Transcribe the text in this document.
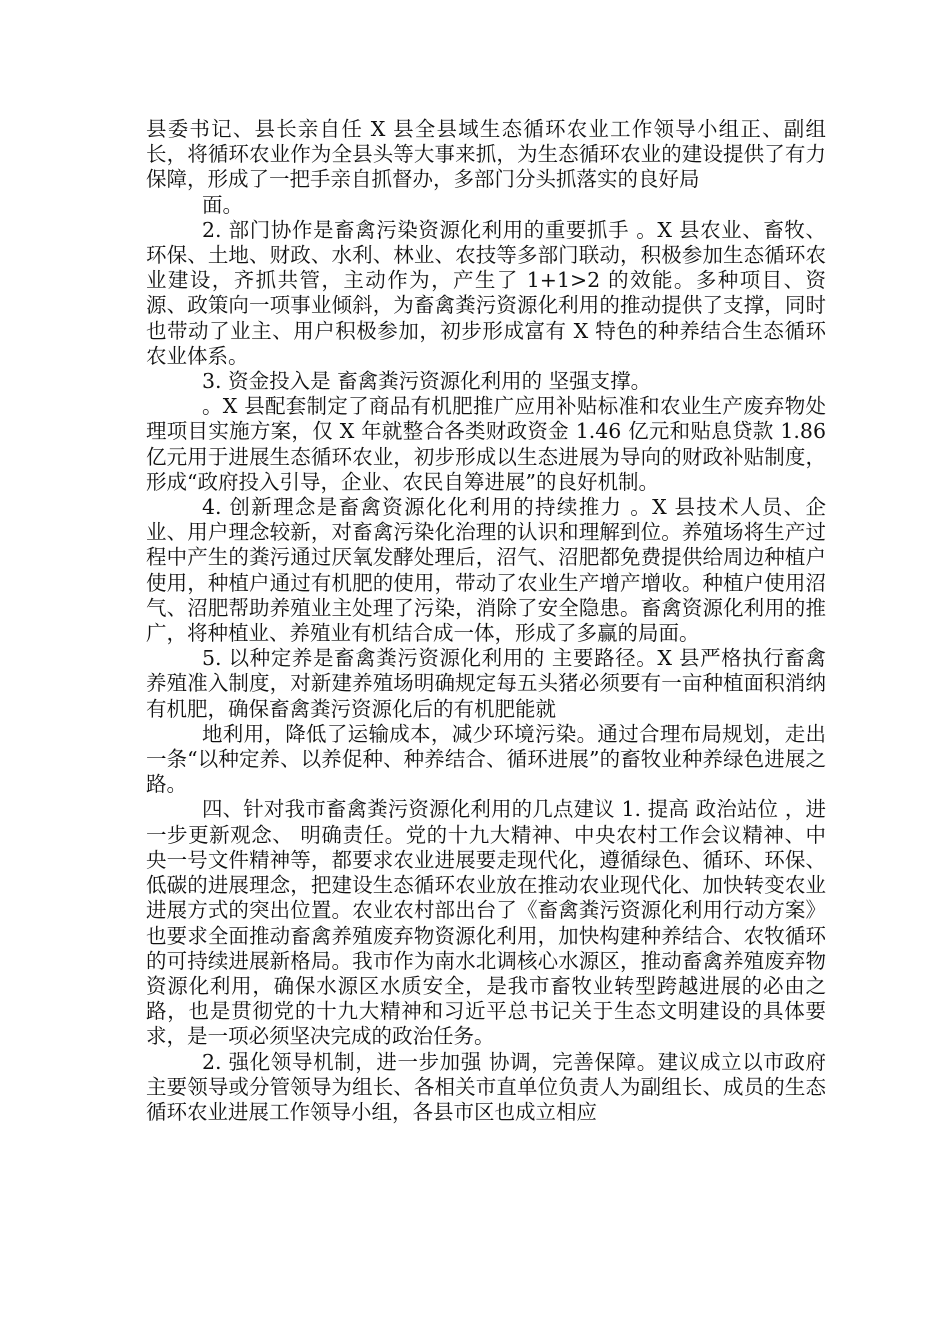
县委书记、县长亲自任 X 县全县域生态循环农业工作领导小组正、副组长，将循环农业作为全县头等大事来抓，为生态循环农业的建设提供了有力保障，形成了一把手亲自抓督办，多部门分头抓落实的良好局

面。

2. 部门协作是畜禽污染资源化利用的重要抓手 。X 县农业、畜牧、环保、土地、财政、水利、林业、农技等多部门联动，积极参加生态循环农业建设，齐抓共管，主动作为，产生了 1+1>2 的效能。多种项目、资源、政策向一项事业倾斜，为畜禽粪污资源化利用的推动提供了支撑，同时也带动了业主、用户积极参加，初步形成富有 X 特色的种养结合生态循环农业体系。

3. 资金投入是 畜禽粪污资源化利用的 坚强支撑。

。X 县配套制定了商品有机肥推广应用补贴标准和农业生产废弃物处理项目实施方案，仅 X 年就整合各类财政资金 1.46 亿元和贴息贷款 1.86 亿元用于进展生态循环农业，初步形成以生态进展为导向的财政补贴制度，形成“政府投入引导，企业、农民自筹进展”的良好机制。

4. 创新理念是畜禽资源化化利用的持续推力 。X 县技术人员、企业、用户理念较新，对畜禽污染化治理的认识和理解到位。养殖场将生产过程中产生的粪污通过厌氧发酵处理后，沼气、沼肥都免费提供给周边种植户使用，种植户通过有机肥的使用，带动了农业生产增产增收。种植户使用沼气、沼肥帮助养殖业主处理了污染，消除了安全隐患。畜禽资源化利用的推广，将种植业、养殖业有机结合成一体，形成了多赢的局面。

5. 以种定养是畜禽粪污资源化利用的 主要路径。X 县严格执行畜禽养殖准入制度，对新建养殖场明确规定每五头猪必须要有一亩种植面积消纳有机肥，确保畜禽粪污资源化后的有机肥能就

地利用，降低了运输成本，减少环境污染。通过合理布局规划，走出一条“以种定养、以养促种、种养结合、循环进展”的畜牧业种养绿色进展之路。

四、针对我市畜禽粪污资源化利用的几点建议 1. 提高 政治站位 ，进一步更新观念、 明确责任。党的十九大精神、中央农村工作会议精神、中央一号文件精神等，都要求农业进展要走现代化，遵循绿色、循环、环保、低碳的进展理念，把建设生态循环农业放在推动农业现代化、加快转变农业进展方式的突出位置。农业农村部出台了《畜禽粪污资源化利用行动方案》也要求全面推动畜禽养殖废弃物资源化利用，加快构建种养结合、农牧循环的可持续进展新格局。我市作为南水北调核心水源区，推动畜禽养殖废弃物资源化利用，确保水源区水质安全，是我市畜牧业转型跨越进展的必由之路，也是贯彻党的十九大精神和习近平总书记关于生态文明建设的具体要求，是一项必须坚决完成的政治任务。

2. 强化领导机制，进一步加强 协调，完善保障。建议成立以市政府主要领导或分管领导为组长、各相关市直单位负责人为副组长、成员的生态循环农业进展工作领导小组，各县市区也成立相应
